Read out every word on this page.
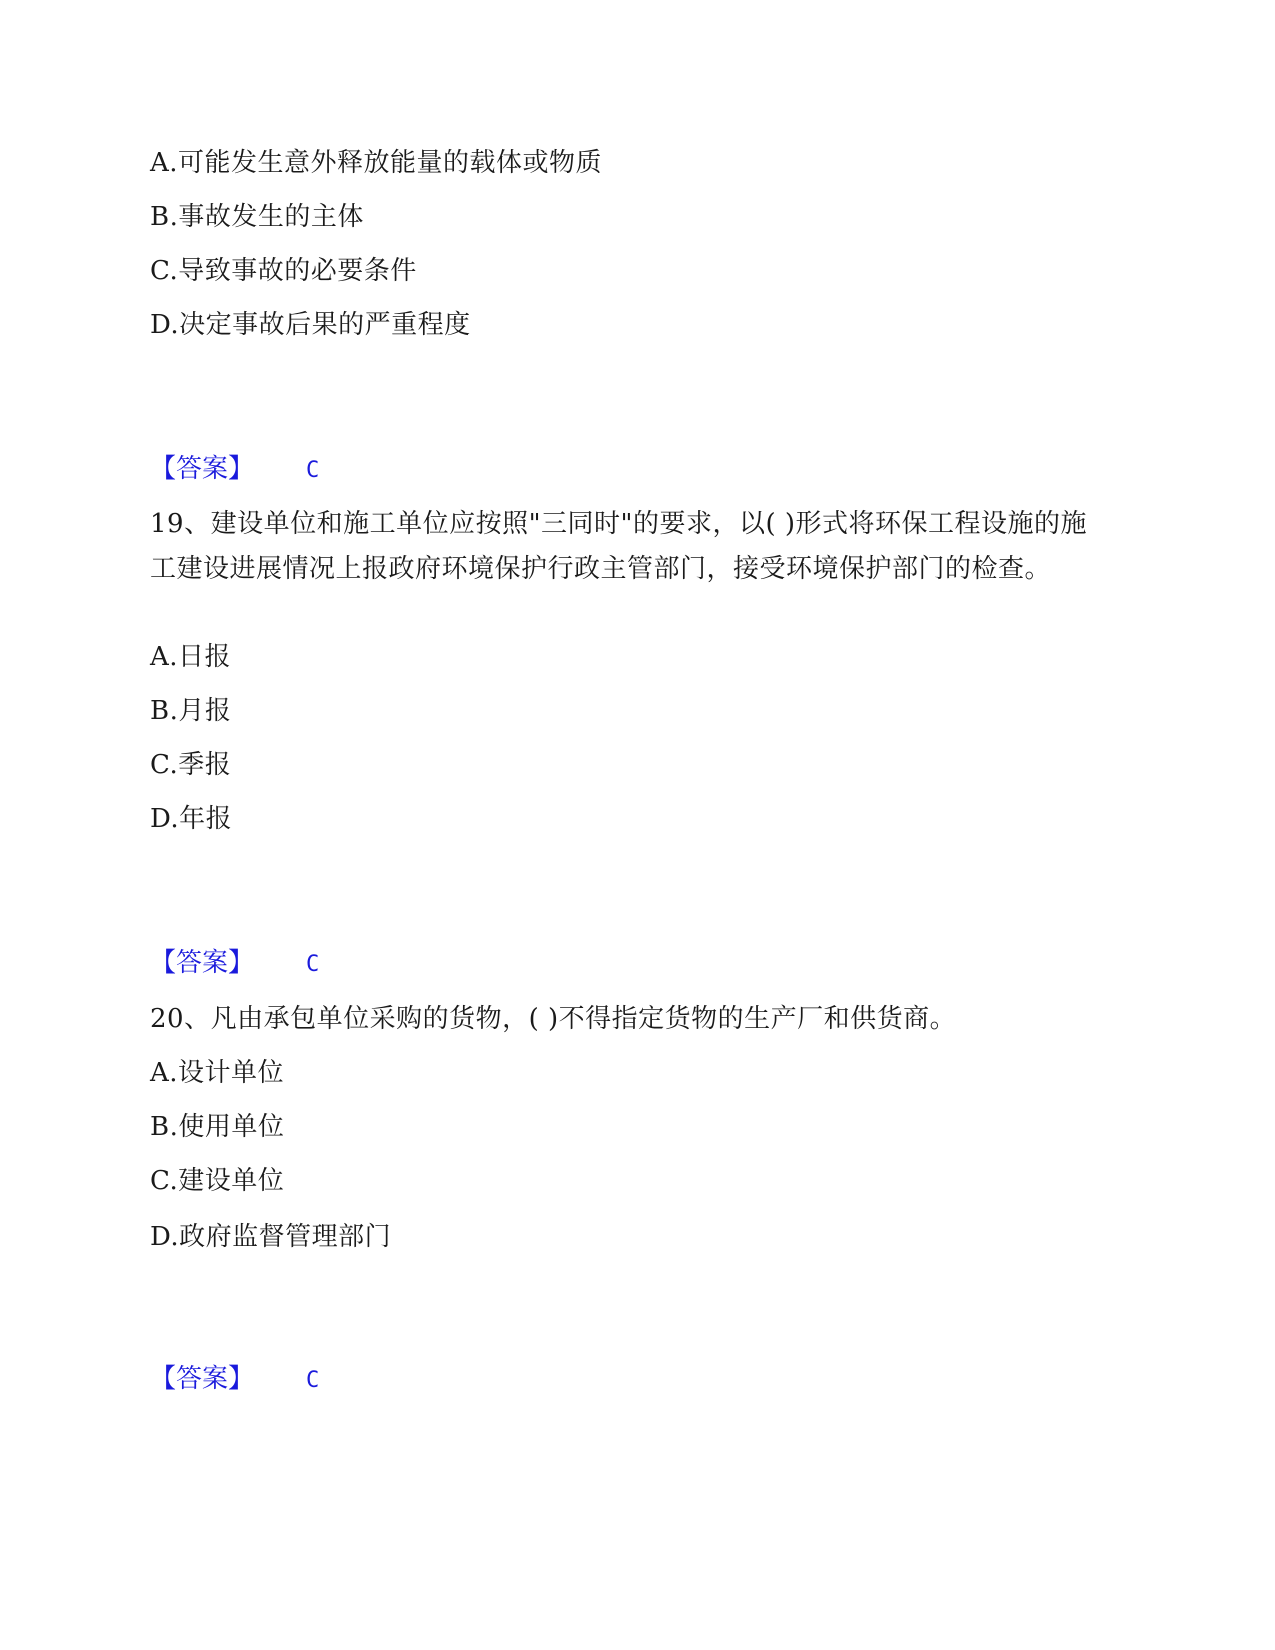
A.可能发生意外释放能量的载体或物质
B.事故发生的主体
C.导致事故的必要条件
D.决定事故后果的严重程度
【答案】 C
19、建设单位和施工单位应按照"三同时"的要求，以( )形式将环保工程设施的施工建设进展情况上报政府环境保护行政主管部门，接受环境保护部门的检查。
A.日报
B.月报
C.季报
D.年报
【答案】 C
20、凡由承包单位采购的货物，( )不得指定货物的生产厂和供货商。
A.设计单位
B.使用单位
C.建设单位
D.政府监督管理部门
【答案】 C
